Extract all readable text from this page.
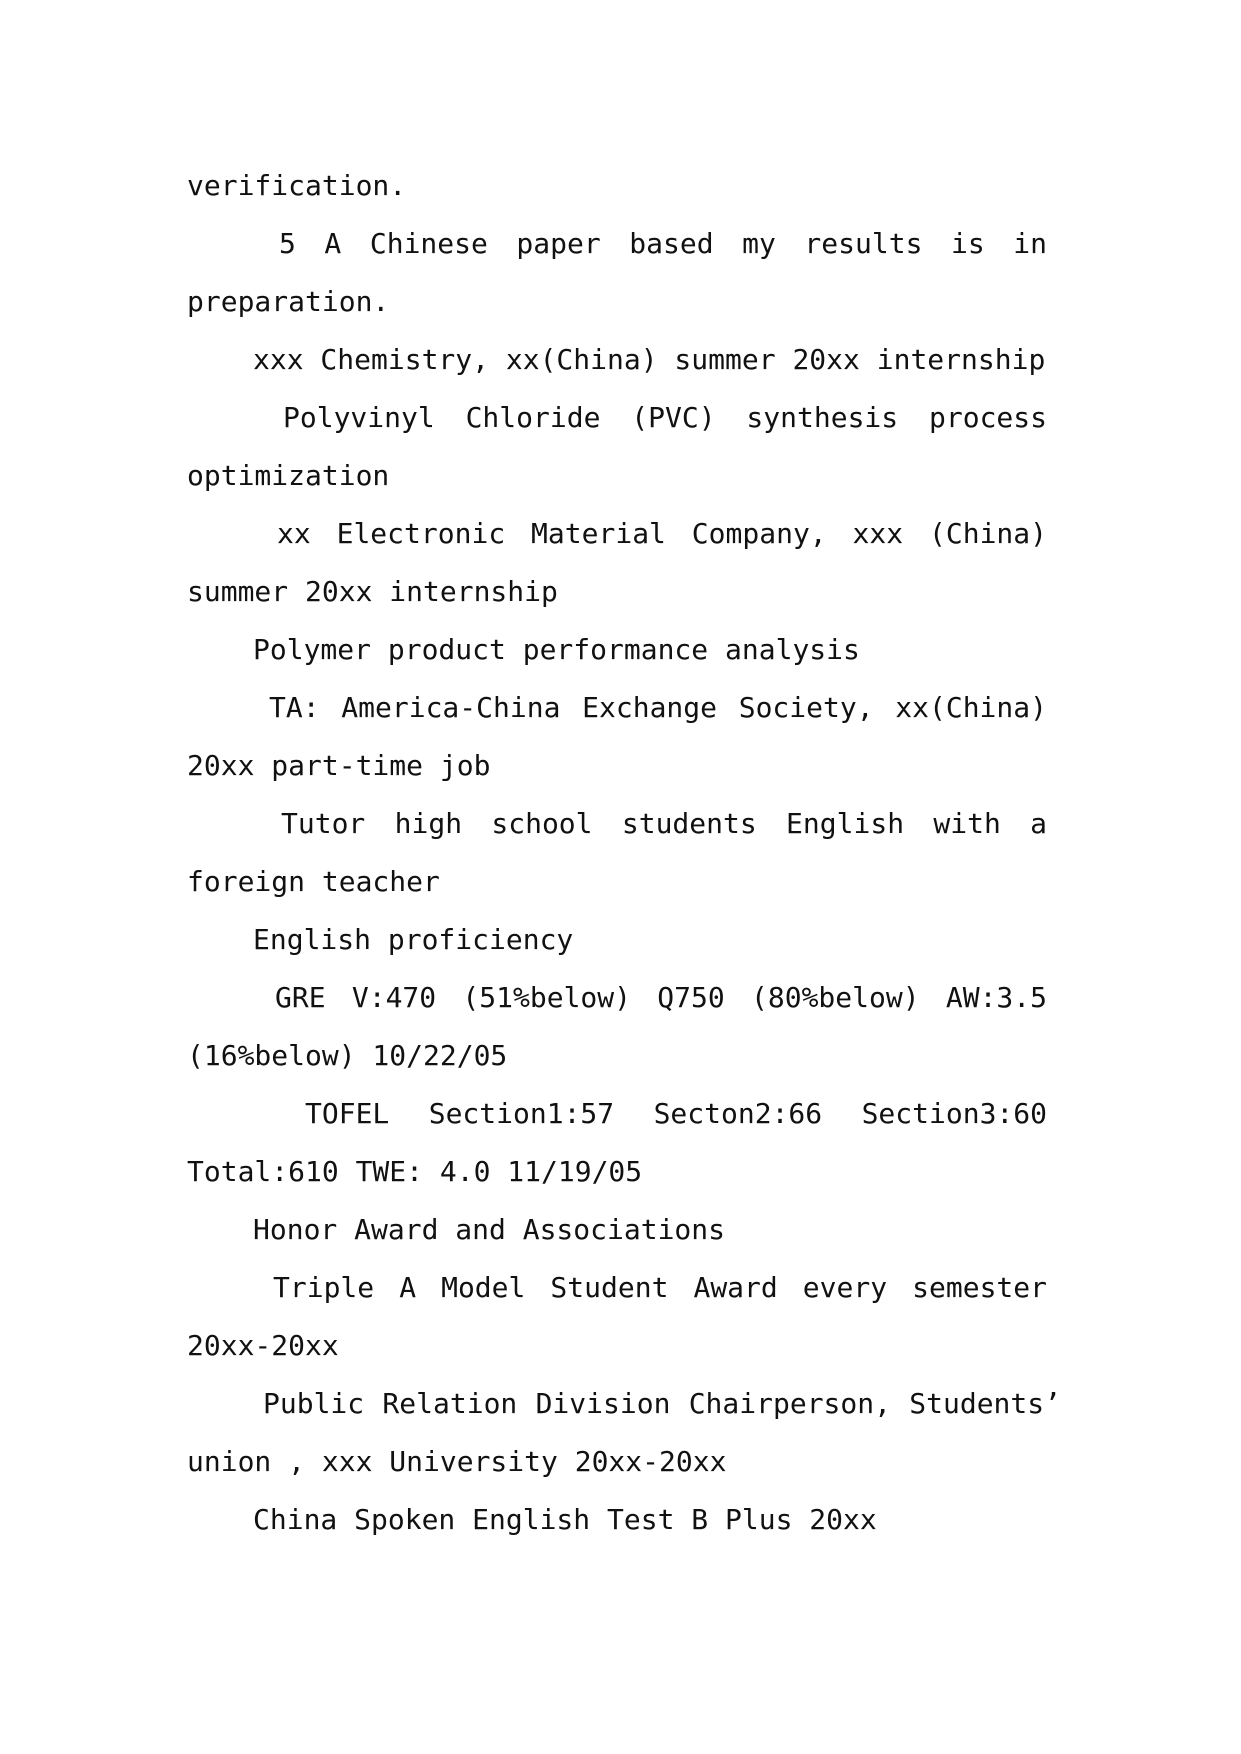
verification.
5 A Chinese paper based my results is in
preparation.
xxx Chemistry, xx(China) summer 20xx internship
Polyvinyl Chloride (PVC) synthesis process
optimization
xx Electronic Material Company, xxx (China)
summer 20xx internship
Polymer product performance analysis
TA: America-China Exchange Society, xx(China)
20xx part-time job
Tutor high school students English with a
foreign teacher
English proficiency
GRE V:470 (51%below) Q750 (80%below) AW:3.5
(16%below) 10/22/05
TOFEL Section1:57 Secton2:66 Section3:60
Total:610 TWE: 4.0 11/19/05
Honor Award and Associations
Triple A Model Student Award every semester
20xx-20xx
Public Relation Division Chairperson, Students’
union , xxx University 20xx-20xx
China Spoken English Test B Plus 20xx
